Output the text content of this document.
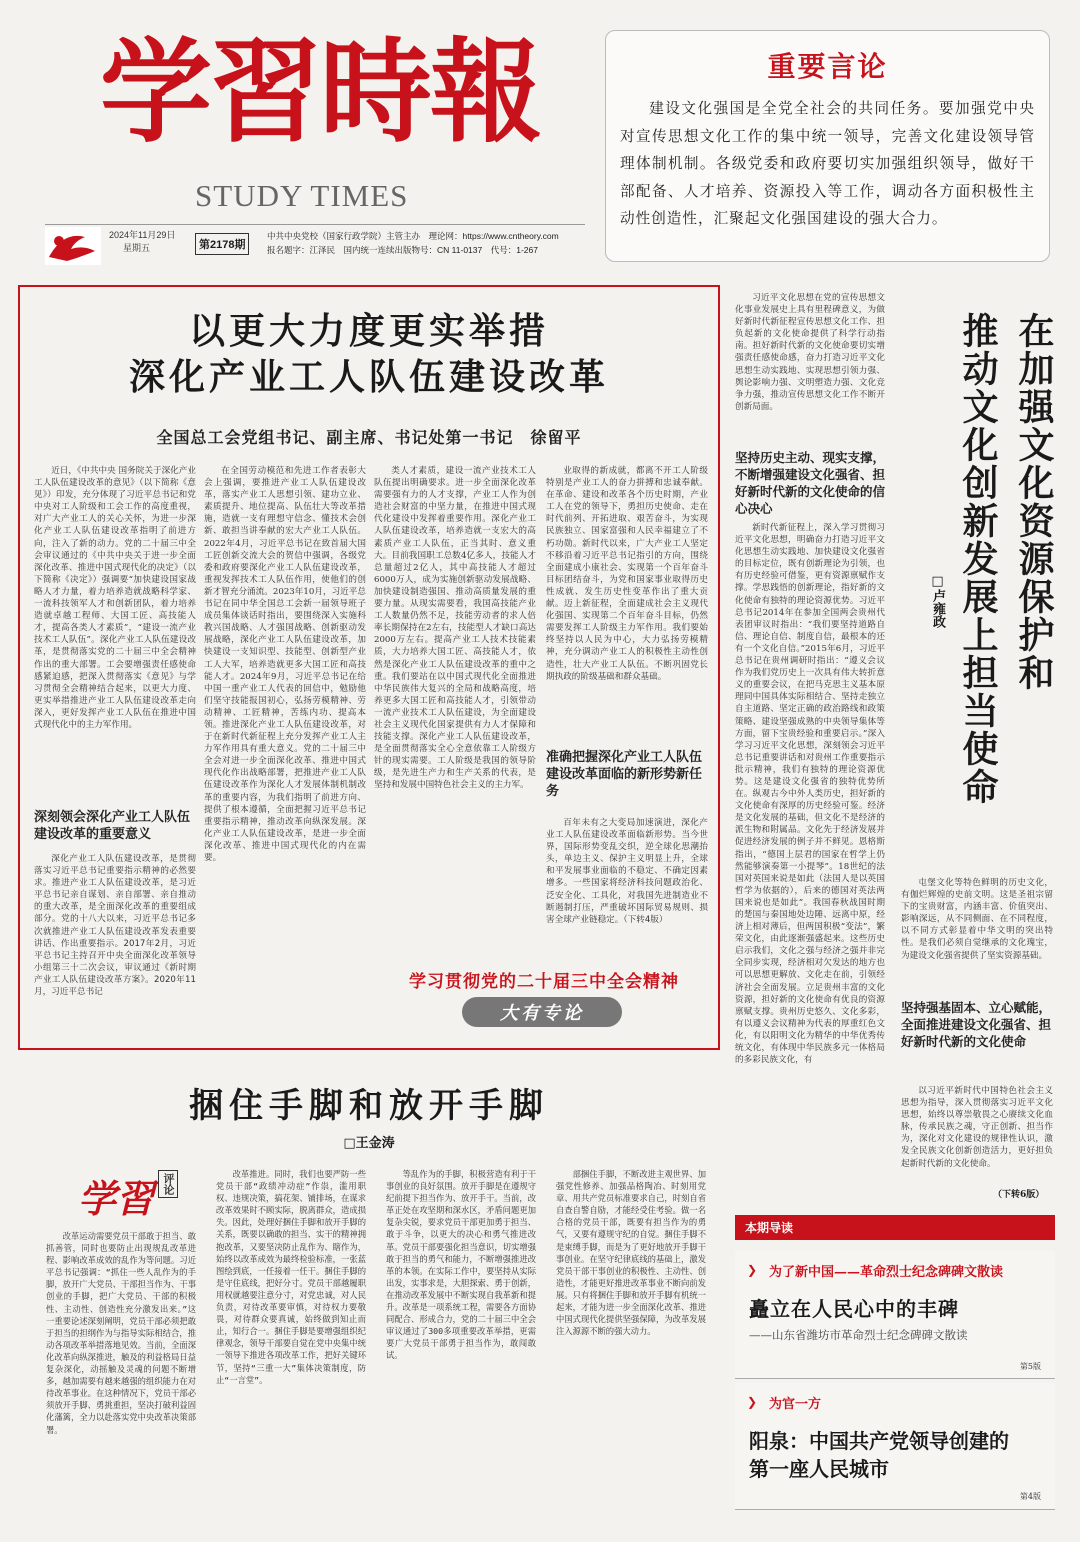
学習時報
STUDY TIMES
2024年11月29日
星期五	第2178期
中共中央党校（国家行政学院）主管主办　 理论网：https://www.cntheory.com
报名题字：江泽民　 国内统一连续出版物号：CN 11-0137　 代号：1-267
重要言论
建设文化强国是全党全社会的共同任务。要加强党中央对宣传思想文化工作的集中统一领导，完善文化建设领导管理体制机制。各级党委和政府要切实加强组织领导，做好干部配备、人才培养、资源投入等工作，调动各方面积极性主动性创造性，汇聚起文化强国建设的强大合力。
以更大力度更实举措
深化产业工人队伍建设改革
全国总工会党组书记、副主席、书记处第一书记　徐留平

近日，《中共中央 国务院关于深化产业工人队伍建设改革的意见》（以下简称《意见》）印发，充分体现了习近平总书记和党中央对工人阶级和工会工作的高度重视，对广大产业工人的关心关怀，为进一步深化产业工人队伍建设改革指明了前进方向，注入了新的动力。党的二十届三中全会审议通过的《中共中央关于进一步全面深化改革、推进中国式现代化的决定》（以下简称《决定》）强调要“加快建设国家战略人才力量，着力培养造就战略科学家、一流科技领军人才和创新团队，着力培养造就卓越工程师、大国工匠、高技能人才，提高各类人才素质”，“建设一流产业技术工人队伍”。深化产业工人队伍建设改革，是贯彻落实党的二十届三中全会精神作出的重大部署。工会要增强责任感使命感紧迫感，把深入贯彻落实《意见》与学习贯彻全会精神结合起来，以更大力度、更实举措推进产业工人队伍建设改革走向深入，更好发挥产业工人队伍在推进中国式现代化中的主力军作用。

深刻领会深化产业工人队伍建设改革的重要意义

深化产业工人队伍建设改革，是贯彻落实习近平总书记重要指示精神的必然要求。推进产业工人队伍建设改革，是习近平总书记亲自谋划、亲自部署、亲自推动的重大改革，是全面深化改革的重要组成部分。党的十八大以来，习近平总书记多次就推进产业工人队伍建设改革发表重要讲话、作出重要指示。2017年2月，习近平总书记主持召开中央全面深化改革领导小组第三十二次会议，审议通过《新时期产业工人队伍建设改革方案》。2020年11月，习近平总书记

在全国劳动模范和先进工作者表彰大会上强调，要推进产业工人队伍建设改革，落实产业工人思想引领、建功立业、素质提升、地位提高、队伍壮大等改革措施，造就一支有理想守信念、懂技术会创新、敢担当讲奉献的宏大产业工人队伍。2022年4月，习近平总书记在致首届大国工匠创新交流大会的贺信中强调，各级党委和政府要深化产业工人队伍建设改革，重视发挥技术工人队伍作用，使他们的创新才智充分涌流。2023年10月，习近平总书记在同中华全国总工会新一届领导班子成员集体谈话时指出，要围绕深入实施科教兴国战略、人才强国战略、创新驱动发展战略，深化产业工人队伍建设改革，加快建设一支知识型、技能型、创新型产业工人大军，培养造就更多大国工匠和高技能人才。2024年9月，习近平总书记在给中国一重产业工人代表的回信中，勉励他们坚守技能报国初心，弘扬劳模精神、劳动精神、工匠精神，苦练内功、提高本领。推进深化产业工人队伍建设改革，对于在新时代新征程上充分发挥产业工人主力军作用具有重大意义。党的二十届三中全会对进一步全面深化改革、推进中国式现代化作出战略部署，把推进产业工人队伍建设改革作为深化人才发展体制机制改革的重要内容，为我们指明了前进方向、提供了根本遵循，全面把握习近平总书记重要指示精神，推动改革向纵深发展。深化产业工人队伍建设改革，是进一步全面深化改革、推进中国式现代化的内在需要。

类人才素质，建设一流产业技术工人队伍提出明确要求。进一步全面深化改革需要强有力的人才支撑，产业工人作为创造社会财富的中坚力量，在推进中国式现代化建设中发挥着重要作用。深化产业工人队伍建设改革，培养造就一支宏大的高素质产业工人队伍，正当其时、意义重大。目前我国职工总数4亿多人，技能人才总量超过2亿人，其中高技能人才超过6000万人，成为实施创新驱动发展战略、加快建设制造强国、推动高质量发展的重要力量。从现实需要看，我国高技能产业工人数量仍然不足，技能劳动者的求人倍率长期保持在2左右，技能型人才缺口高达2000万左右。提高产业工人技术技能素质，大力培养大国工匠、高技能人才，依然是深化产业工人队伍建设改革的重中之重。我们要站在以中国式现代化全面推进中华民族伟大复兴的全局和战略高度，培养更多大国工匠和高技能人才，引领带动一流产业技术工人队伍建设，为全面建设社会主义现代化国家提供有力人才保障和技能支撑。深化产业工人队伍建设改革，是全面贯彻落实全心全意依靠工人阶级方针的现实需要。工人阶级是我国的领导阶级，是先进生产力和生产关系的代表，是坚持和发展中国特色社会主义的主力军。

业取得的新成就，都离不开工人阶级特别是产业工人的奋力拼搏和忠诚奉献。在革命、建设和改革各个历史时期，产业工人在党的领导下，勇担历史使命、走在时代前列、开拓进取、艰苦奋斗，为实现民族独立、国家富强和人民幸福建立了不朽功勋。新时代以来，广大产业工人坚定不移沿着习近平总书记指引的方向，围绕全面建成小康社会、实现第一个百年奋斗目标团结奋斗，为党和国家事业取得历史性成就、发生历史性变革作出了重大贡献。迈上新征程，全面建成社会主义现代化强国、实现第二个百年奋斗目标，仍然需要发挥工人阶级主力军作用。我们要始终坚持以人民为中心，大力弘扬劳模精神，充分调动产业工人的积极性主动性创造性，壮大产业工人队伍。不断巩固党长期执政的阶级基础和群众基础。

准确把握深化产业工人队伍建设改革面临的新形势新任务

百年未有之大变局加速演进，深化产业工人队伍建设改革面临新形势。当今世界，国际形势变乱交织，逆全球化思潮抬头，单边主义、保护主义明显上升，全球和平发展事业面临的不稳定、不确定因素增多。一些国家将经济科技问题政治化、泛安全化、工具化，对我国先进制造业不断遏制打压，严重破坏国际贸易规则、损害全球产业链稳定。（下转4版）

学习贯彻党的二十届三中全会精神
大有专论

习近平文化思想在党的宣传思想文化事业发展史上具有里程碑意义，为做好新时代新征程宣传思想文化工作、担负起新的文化使命提供了科学行动指南。担好新时代新的文化使命要切实增强责任感使命感，奋力打造习近平文化思想生动实践地、实现思想引领力强、舆论影响力强、文明塑造力强、文化竞争力强，推动宣传思想文化工作不断开创新局面。

坚持历史主动、现实支撑，不断增强建设文化强省、担好新时代新的文化使命的信心决心

新时代新征程上，深入学习贯彻习近平文化思想，明确奋力打造习近平文化思想生动实践地、加快建设文化强省的目标定位，既有创新理论为引领，也有历史经验可借鉴，更有资源禀赋作支撑。学思践悟的创新理论，指好新的文化使命有独特的理论资源优势。习近平总书记2014年在参加全国两会贵州代表团审议时指出：“我们要坚持道路自信、理论自信、制度自信，最根本的还有一个文化自信。”2015年6月，习近平总书记在贵州调研时指出：“遵义会议作为我们党历史上一次具有伟大转折意义的重要会议，在把马克思主义基本原理同中国具体实际相结合、坚持走独立自主道路、坚定正确的政治路线和政策策略、建设坚强成熟的中央领导集体等方面，留下宝贵经验和重要启示。”深入学习习近平文化思想，深刻领会习近平总书记重要讲话和对贵州工作重要指示批示精神，我们有独特的理论资源优势。这是建设文化强省的独特优势所在。纵观古今中外人类历史，担好新的文化使命有深厚的历史经验可鉴。经济是文化发展的基础，但文化不是经济的派生物和附属品。文化先于经济发展并促进经济发展的例子并不鲜见。恩格斯指出，“德国上层君的国家在哲学上仍然能够演奏第一小提琴”。18世纪的法国对英国来说是如此（法国人是以英国哲学为依据的），后来的德国对英法两国来说也是如此”。我国春秋战国时期的楚国与秦国地处边陲、远离中原，经济上相对薄后，但两国积极“变法”，繁荣文化，由此逐渐强盛起来。这些历史启示我们，文化之强与经济之强并非完全同步实现，经济相对欠发达的地方也可以思想更解放、文化走在前，引领经济社会全面发展。立足贵州丰富的文化资源，担好新的文化使命有优良的资源禀赋支撑。贵州历史悠久、文化多彩，有以遵义会议精神为代表的厚重红色文化，有以阳明文化为精华的中华优秀传统文化，有体现中华民族多元一体格局的多彩民族文化，有

在加强文化资源保护和
推动文化创新发展上担当使命
□卢雍政

屯堡文化等特色鲜明的历史文化，有伽烂辉煌的史前文明。这是圣祖宗留下的宝贵财富，内涵丰富、价值突出、影响深远，从不同侧面、在不同程度，以不同方式彰显着中华文明的突出特性。是我们必须自觉继承的文化瑰宝，为建设文化强省提供了坚实资源基础。

坚持强基固本、立心赋能，全面推进建设文化强省、担好新时代新的文化使命

以习近平新时代中国特色社会主义思想为指导，深入贯彻落实习近平文化思想，始终以尊崇敬畏之心赓续文化血脉，传承民族之魂，守正创新、担当作为，深化对文化建设的规律性认识，激发全民族文化创新创造活力，更好担负起新时代新的文化使命。

（下转6版）
捆住手脚和放开手脚
□王金涛
学習 评论

改革运动需要党员干部敢于担当、敢抓善管，同时也要防止出现规乱改革进程、影响改革成效的乱作为等问题。习近平总书记强调：“抓住一些人乱作为的手脚，放开广大党员、干部担当作为、干事创业的手脚，把广大党员、干部的积极性、主动性、创造性充分激发出来。”这一重要论述深刻阐明，党员干部必须把敢于担当的担纲作为与指导实际相结合，推动各项改革举措落地见效。当前，全面深化改革向纵深推进，触及的利益格局日益复杂深化，动摇触及灵魂的问题不断增多，越加需要有越来越强的组织能力在对待改革事业。在这种情况下，党员干部必须放开手脚、勇挑重担，坚决打破利益固化藩篱，全力以赴落实党中央改革决策部署。

改革推进。同时，我们也要严防一些党员干部“政绩冲动症”作祟，滥用职权、违规决策，搞花架、铺排场，在谋求改革效果时不顾实际，脱离群众，造成损失。因此，处理好捆住手脚和放开手脚的关系，既要以确敢的担当、实干的精神拥抱改革，又要坚决防止乱作为、瞎作为，始终以改革成效为最终检验标准，一张蓝图绘到底，一任接着一任干。捆住手脚的是守住底线，把好分寸。党员干部越履职用权就越要注意分寸，对党忠诚，对人民负责，对待改革要审慎，对待权力要敬畏，对待群众要真诚，始终做到知止而止，知行合一。捆住手脚是要增强组织纪律观念，领导干部要自觉在党中央集中统一领导下推进各项改革工作，把好关键环节，坚持“三重一大”集体决策制度，防止“一言堂”。

等乱作为的手脚，积极营造有利于干事创业的良好氛围。放开手脚是在遵规守纪前提下担当作为、放开手干。当前，改革正处在攻坚期和深水区，矛盾问题更加复杂尖锐，要求党员干部更加勇于担当、敢于斗争，以更大的决心和勇气推进改革。党员干部要强化担当意识，切实增强敢于担当的勇气和能力，不断增强推进改革的本领。在实际工作中，要坚持从实际出发，实事求是，大胆探索、勇于创新，在推动改革发展中不断实现自我革新和提升。改革是一项系统工程，需要各方面协同配合、形成合力，党的二十届三中全会审议通过了300多项重要改革举措，更需要广大党员干部勇于担当作为，敢闯敢试。

部捆住手脚，不断改进主观世界、加强党性修养、加强品格陶冶、时刻用党章、用共产党员标准要求自己，时刻自省自查自警自励，才能经受住考验。做一名合格的党员干部，既要有担当作为的勇气，又要有遵规守纪的自觉。捆住手脚不是束缚手脚，而是为了更好地放开手脚干事创业。在坚守纪律底线的基础上，激发党员干部干事创业的积极性、主动性、创造性，才能更好推进改革事业不断向前发展。只有将捆住手脚和放开手脚有机统一起来，才能为进一步全面深化改革、推进中国式现代化提供坚强保障，为改革发展注入源源不断的强大动力。

本期导读
❯ 为了新中国——革命烈士纪念碑碑文散读
矗立在人民心中的丰碑
——山东省潍坊市革命烈士纪念碑碑文散读
第5版
❯ 为官一方
阳泉：中国共产党领导创建的
第一座人民城市
第4版
